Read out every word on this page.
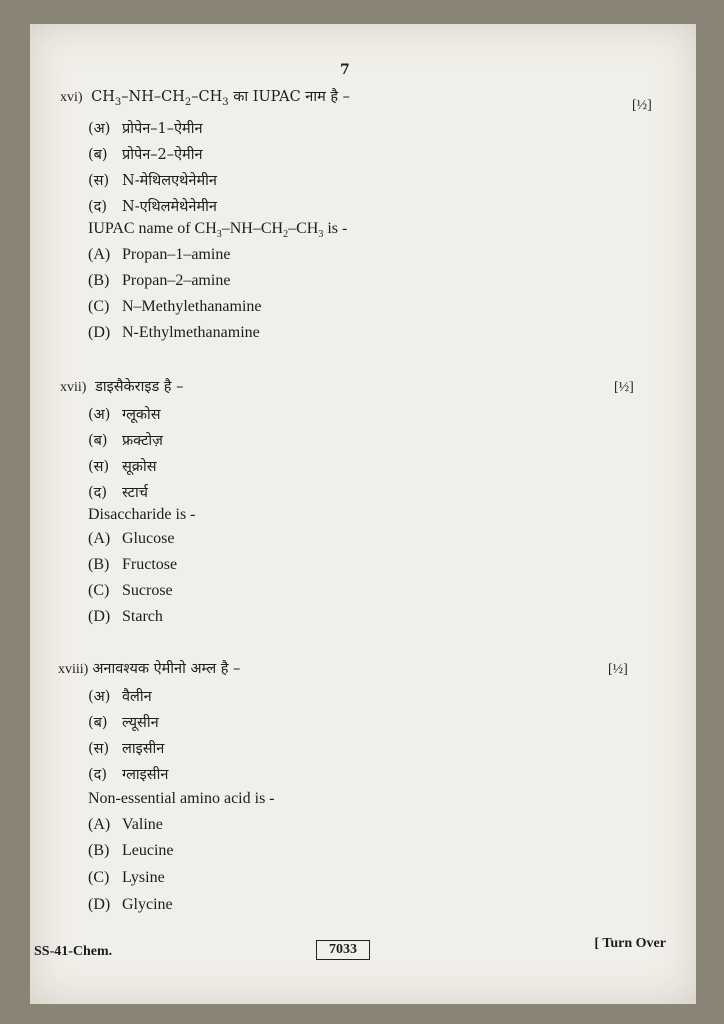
7

xvi) $CH_3-NH-CH_2-CH_3$ का IUPAC नाम है –
[½]
(अ) प्रोपेन–1–ऐमीन
(ब) प्रोपेन–2–ऐमीन
(स) N-मेथिलएथेनेमीन
(द) N-एथिलमेथेनेमीन
IUPAC name of $CH_3-NH-CH_2-CH_3$ is -
(A) Propan–1–amine
(B) Propan–2–amine
(C) N–Methylethanamine
(D) N-Ethylmethanamine
xvii) डाइसैकेराइड है –	[½]
(अ) ग्लूकोस
(ब) फ्रक्टोज़
(स) सूक्रोस
(द) स्टार्च
Disaccharide is -
(A) Glucose
(B) Fructose
(C) Sucrose
(D) Starch
xviii) अनावश्यक ऐमीनो अम्ल है –	[½]
(अ) वैलीन
(ब) ल्यूसीन
(स) लाइसीन
(द) ग्लाइसीन
Non-essential amino acid is -
(A) Valine
(B) Leucine
(C) Lysine
(D) Glycine
SS-41-Chem.	7033	[ Turn Over
